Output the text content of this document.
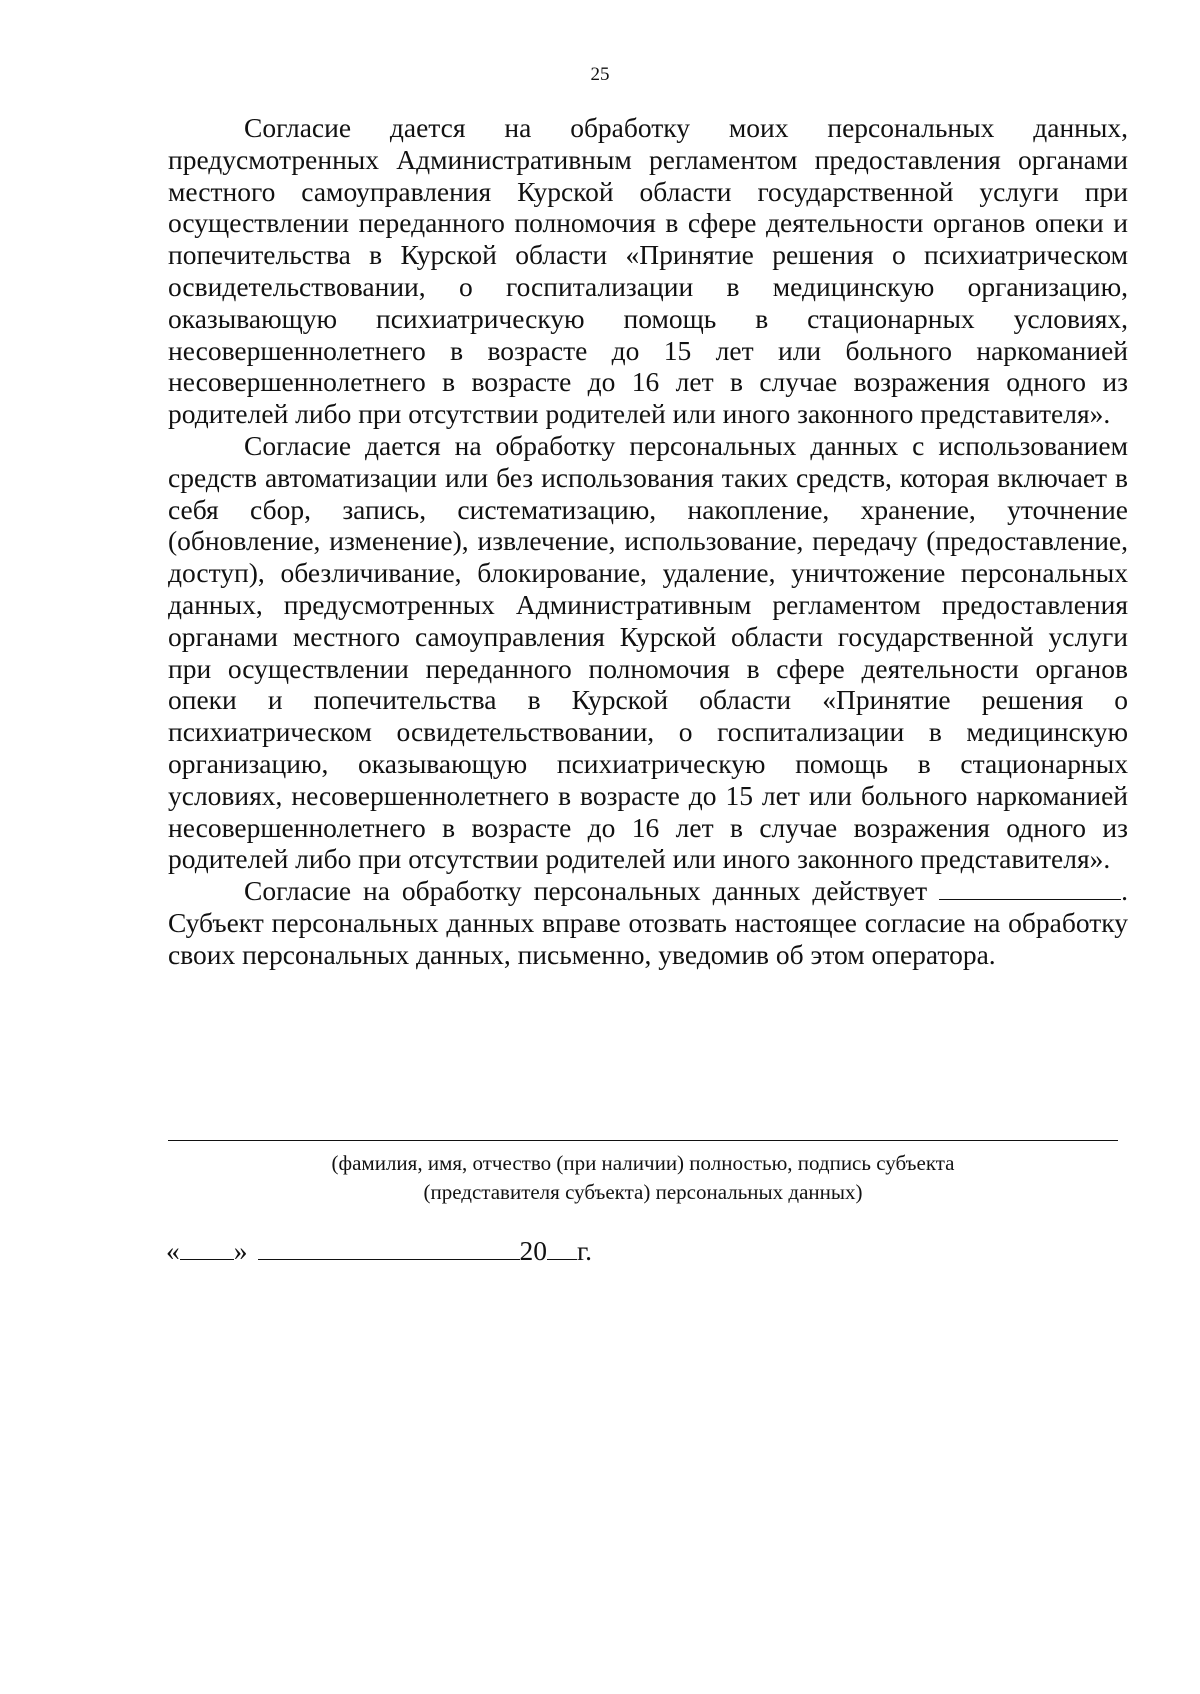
25

Согласие дается на обработку моих персональных данных, предусмотренных Административным регламентом предоставления органами местного самоуправления Курской области государственной услуги при осуществлении переданного полномочия в сфере деятельности органов опеки и попечительства в Курской области «Принятие решения о психиатрическом освидетельствовании, о госпитализации в медицинскую организацию, оказывающую психиатрическую помощь в стационарных условиях, несовершеннолетнего в возрасте до 15 лет или больного наркоманией несовершеннолетнего в возрасте до 16 лет в случае возражения одного из родителей либо при отсутствии родителей или иного законного представителя».

Согласие дается на обработку персональных данных с использованием средств автоматизации или без использования таких средств, которая включает в себя сбор, запись, систематизацию, накопление, хранение, уточнение (обновление, изменение), извлечение, использование, передачу (предоставление, доступ), обезличивание, блокирование, удаление, уничтожение персональных данных, предусмотренных Административным регламентом предоставления органами местного самоуправления Курской области государственной услуги при осуществлении переданного полномочия в сфере деятельности органов опеки и попечительства в Курской области «Принятие решения о психиатрическом освидетельствовании, о госпитализации в медицинскую организацию, оказывающую психиатрическую помощь в стационарных условиях, несовершеннолетнего в возрасте до 15 лет или больного наркоманией несовершеннолетнего в возрасте до 16 лет в случае возражения одного из родителей либо при отсутствии родителей или иного законного представителя».

Согласие на обработку персональных данных действует	. Субъект персональных данных вправе отозвать настоящее согласие на обработку своих персональных данных, письменно, уведомив об этом оператора.

(фамилия, имя, отчество (при наличии) полностью, подпись субъекта
(представителя субъекта) персональных данных)
« »	20 г.
